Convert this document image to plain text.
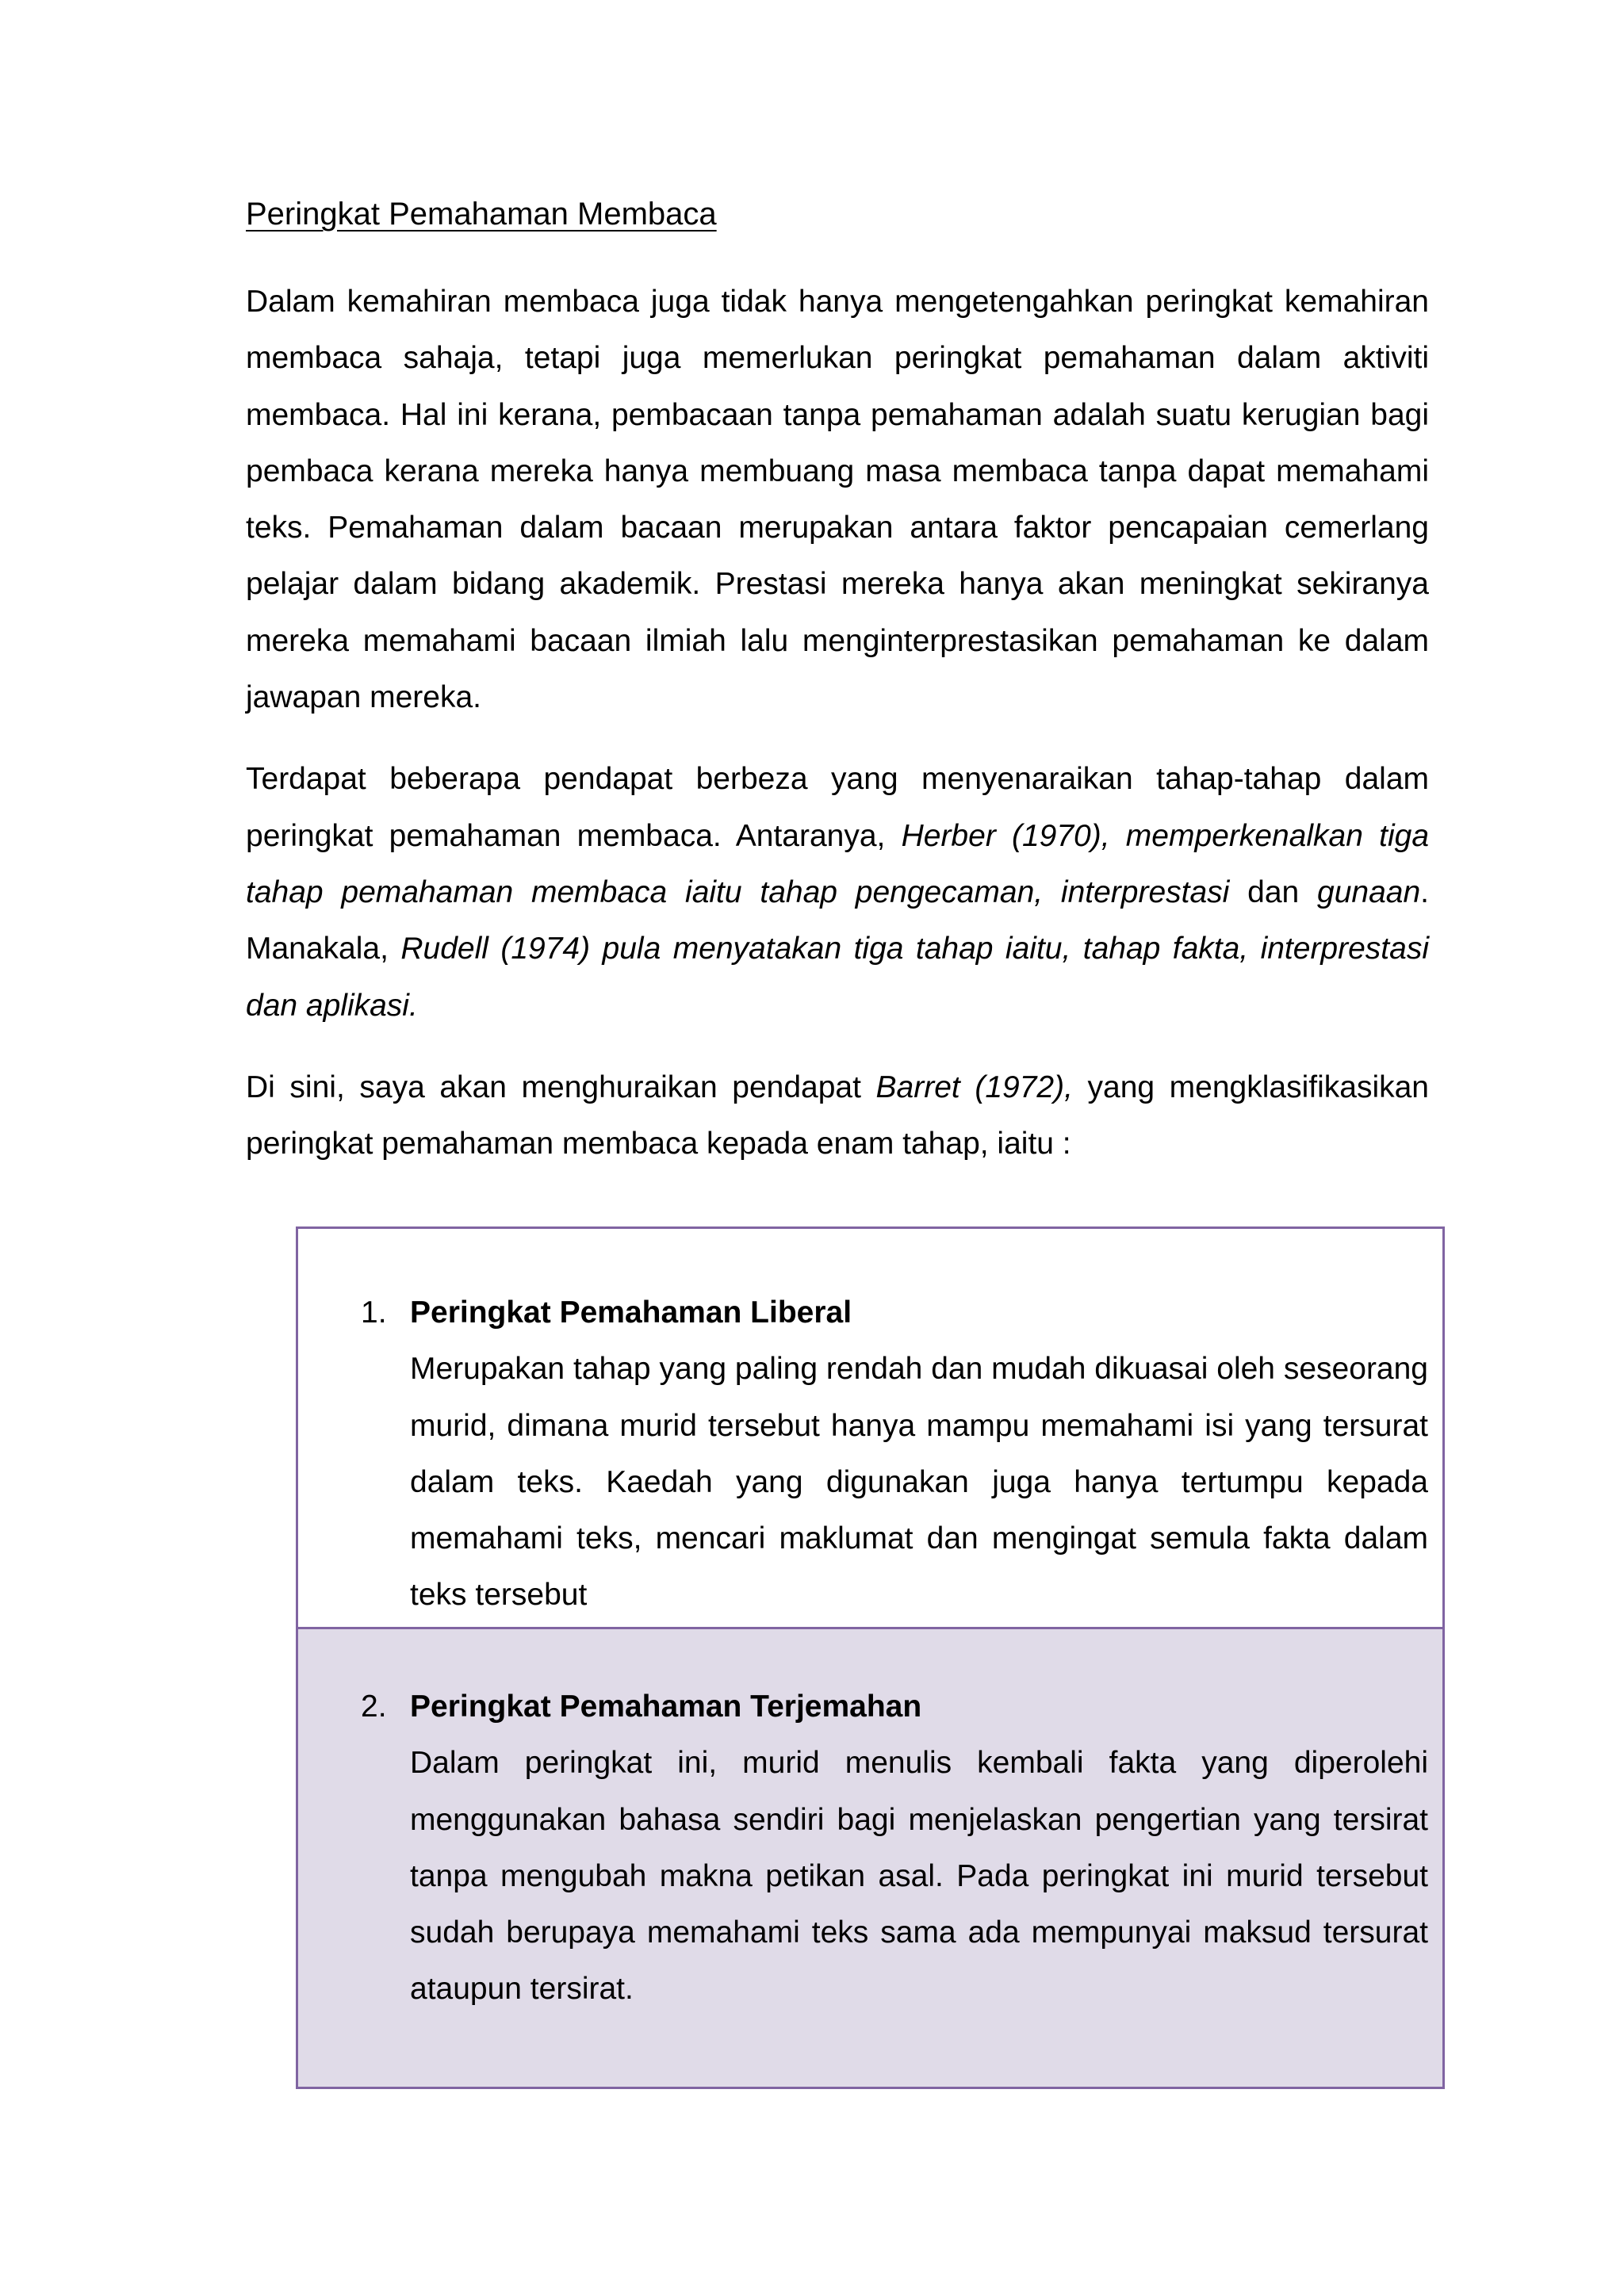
Peringkat Pemahaman Membaca

Dalam kemahiran membaca juga tidak hanya mengetengahkan peringkat kemahiran membaca sahaja, tetapi juga memerlukan peringkat pemahaman dalam aktiviti membaca. Hal ini kerana, pembacaan tanpa pemahaman adalah suatu kerugian bagi pembaca kerana mereka hanya membuang masa membaca tanpa dapat memahami teks. Pemahaman dalam bacaan merupakan antara faktor pencapaian cemerlang pelajar dalam bidang akademik. Prestasi mereka hanya akan meningkat sekiranya mereka memahami bacaan ilmiah lalu menginterprestasikan pemahaman ke dalam jawapan mereka.

Terdapat beberapa pendapat berbeza yang menyenaraikan tahap-tahap dalam peringkat pemahaman membaca. Antaranya, Herber (1970), memperkenalkan tiga tahap pemahaman membaca iaitu tahap pengecaman, interprestasi dan gunaan. Manakala, Rudell (1974) pula menyatakan tiga tahap iaitu, tahap fakta, interprestasi dan aplikasi.

Di sini, saya akan menghuraikan pendapat Barret (1972), yang mengklasifikasikan peringkat pemahaman membaca kepada enam tahap, iaitu :

1. Peringkat Pemahaman Liberal

Merupakan tahap yang paling rendah dan mudah dikuasai oleh seseorang murid, dimana murid tersebut hanya mampu memahami isi yang tersurat dalam teks. Kaedah yang digunakan juga hanya tertumpu kepada memahami teks, mencari maklumat dan mengingat semula fakta dalam teks tersebut

2. Peringkat Pemahaman Terjemahan

Dalam peringkat ini, murid menulis kembali fakta yang diperolehi menggunakan bahasa sendiri bagi menjelaskan pengertian yang tersirat tanpa mengubah makna petikan asal. Pada peringkat ini murid tersebut sudah berupaya memahami teks sama ada mempunyai maksud tersurat ataupun tersirat.
